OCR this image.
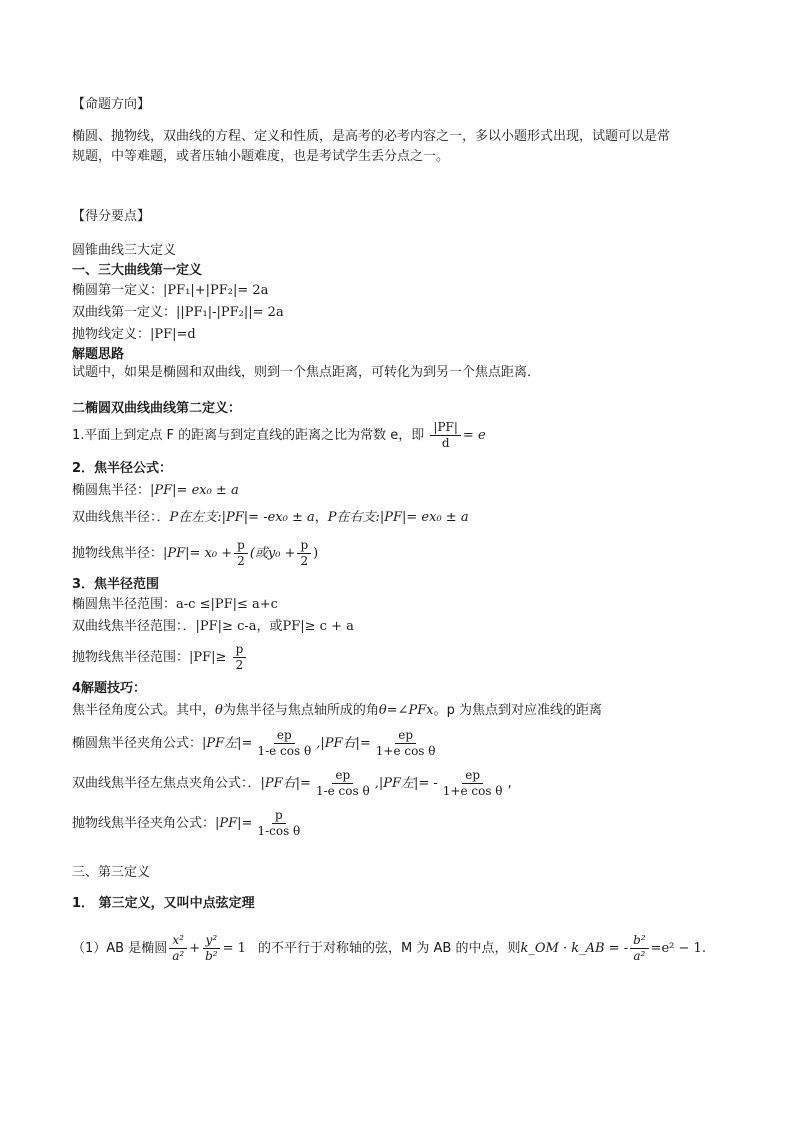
【命题方向】
椭圆、抛物线，双曲线的方程、定义和性质，是高考的必考内容之一，多以小题形式出现，试题可以是常
规题，中等难题，或者压轴小题难度，也是考试学生丢分点之一。
【得分要点】
圆锥曲线三大定义
一、三大曲线第一定义
椭圆第一定义：|PF₁|+|PF₂|= 2a
双曲线第一定义：||PF₁|-|PF₂||= 2a
抛物线定义：|PF|=d
解题思路
试题中，如果是椭圆和双曲线，则到一个焦点距离，可转化为到另一个焦点距离．
二椭圆双曲线曲线第二定义：
1.平面上到定点 F 的距离与到定直线的距离之比为常数 e，即 $\frac{|PF|}{d} = e$
2．焦半径公式：
椭圆焦半径：|PF|= ex₀ ± a
双曲线焦半径：．P在左支:|PF|= -ex₀ ± a，P在右支:|PF|= ex₀ ± a
抛物线焦半径：$|PF|= x_0 + \frac{p}{2}$ (或$y_0 + \frac{p}{2}$ )
3．焦半径范围
椭圆焦半径范围：a-c ≤|PF|≤ a+c
双曲线焦半径范围：．|PF|≥ c-a，或PF|≥ c + a
抛物线焦半径范围：$|PF|\ge \frac{p}{2}$
4解题技巧：
焦半径角度公式。其中，θ为焦半径与焦点轴所成的角θ=∠PFx。p 为焦点到对应准线的距离
椭圆焦半径夹角公式：|PF左|= $\frac{ep}{\text{1-e cos θ}} ,|PF$右|= $\frac{ep}{\text{1+e cos θ}}$
双曲线焦半径左焦点夹角公式：．|PF右|= $\frac{ep}{\text{1-e cos θ}} ,|PF$左|= - $\frac{ep}{\text{1+e cos θ}}$ ,
抛物线焦半径夹角公式：$|PF|= \frac{p}{\text{1-cos θ}}$
三、第三定义
1． 第三定义，又叫中点弦定理
（1）AB 是椭圆 $\frac{\text{x²}}{\text{a²}} + \frac{\text{y²}}{\text{b²}} = 1$ 的不平行于对称轴的弦，M 为 AB 的中点，则k_OM · k_AB = - $\frac{\text{b²}}{\text{a²}} =e^2 - 1$.
